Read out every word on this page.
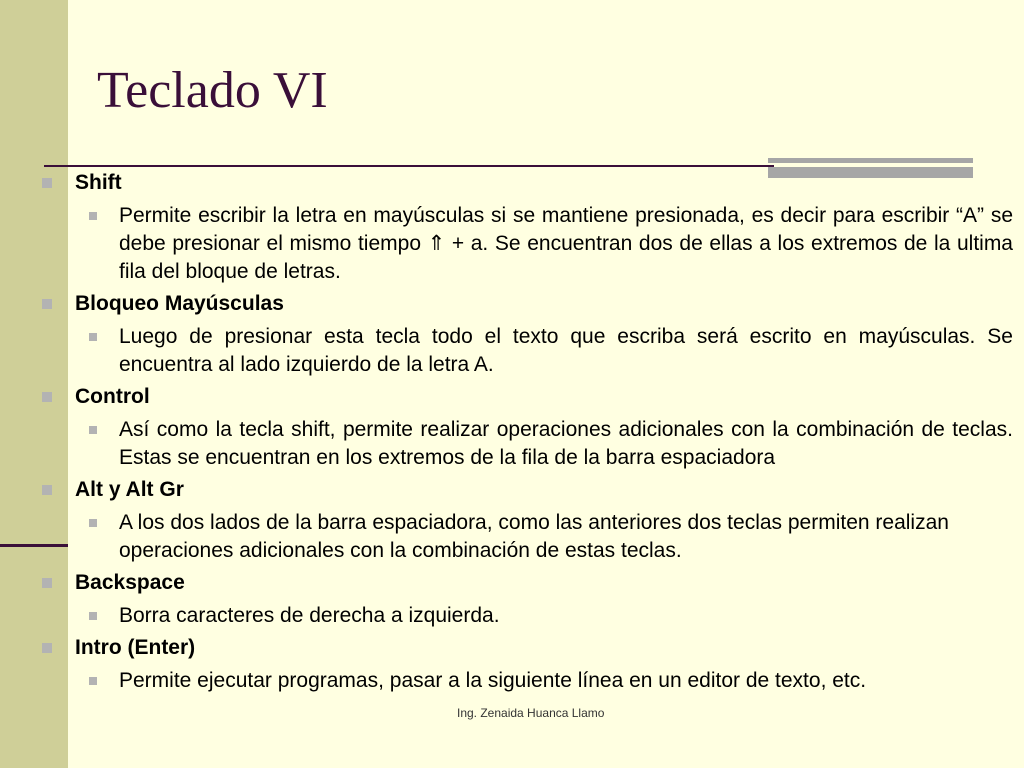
Teclado VI
Shift
Permite escribir la letra en mayúsculas si se mantiene presionada, es decir para escribir “A” se debe presionar el mismo tiempo ⇑ + a. Se encuentran dos de ellas a los extremos de la ultima fila del bloque de letras.
Bloqueo Mayúsculas
Luego de presionar esta tecla todo el texto que escriba será escrito en mayúsculas. Se encuentra al lado izquierdo de la letra A.
Control
Así como la tecla shift, permite realizar operaciones adicionales con la combinación de teclas. Estas se encuentran en los extremos de la fila de la barra espaciadora
Alt y Alt Gr
A los dos lados de la barra espaciadora, como las anteriores dos teclas permiten realizan operaciones adicionales con la combinación de estas teclas.
Backspace
Borra caracteres de derecha a izquierda.
Intro (Enter)
Permite ejecutar programas, pasar a la siguiente línea en un editor de texto, etc.
Ing. Zenaida Huanca Llamo
